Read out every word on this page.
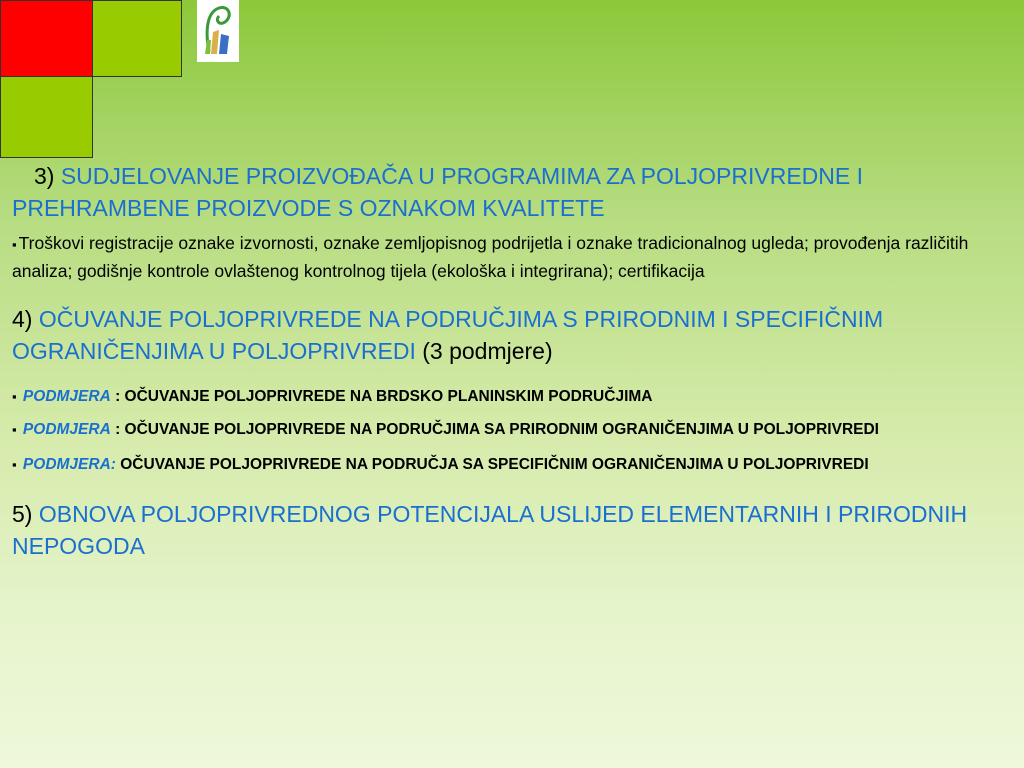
3) SUDJELOVANJE PROIZVOĐAČA U PROGRAMIMA ZA POLJOPRIVREDNE I PREHRAMBENE PROIZVODE S OZNAKOM KVALITETE

▪ Troškovi registracije oznake izvornosti, oznake zemljopisnog podrijetla i oznake tradicionalnog ugleda; provođenja različitih analiza; godišnje kontrole ovlaštenog kontrolnog tijela (ekološka i integrirana); certifikacija

4) OČUVANJE POLJOPRIVREDE NA PODRUČJIMA S PRIRODNIM I SPECIFIČNIM OGRANIČENJIMA U POLJOPRIVREDI (3 podmjere)

▪ PODMJERA : OČUVANJE POLJOPRIVREDE NA BRDSKO PLANINSKIM PODRUČJIMA

▪ PODMJERA : OČUVANJE POLJOPRIVREDE NA PODRUČJIMA SA PRIRODNIM OGRANIČENJIMA U POLJOPRIVREDI

▪ PODMJERA: OČUVANJE POLJOPRIVREDE NA PODRUČJA SA SPECIFIČNIM OGRANIČENJIMA U POLJOPRIVREDI

5) OBNOVA POLJOPRIVREDNOG POTENCIJALA USLIJED ELEMENTARNIH I PRIRODNIH NEPOGODA
